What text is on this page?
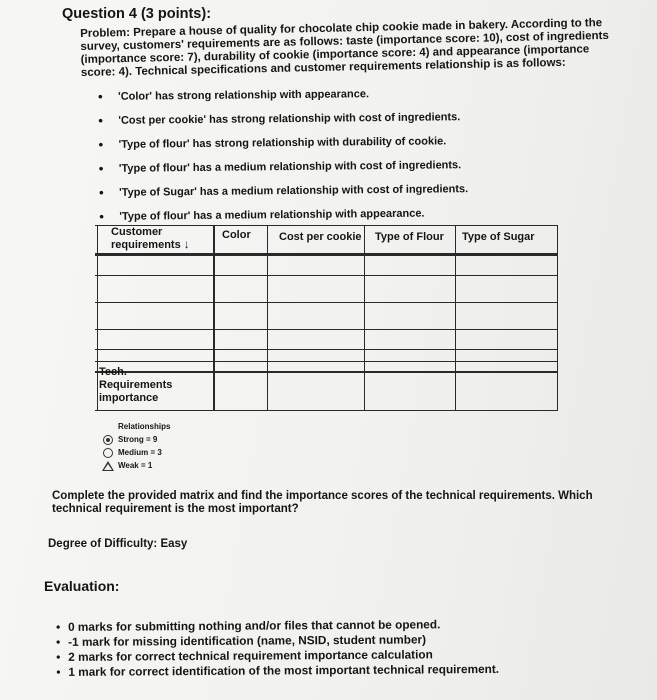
Question 4 (3 points):
Problem: Prepare a house of quality for chocolate chip cookie made in bakery. According to the survey, customers' requirements are as follows: taste (importance score: 10), cost of ingredients (importance score: 7), durability of cookie (importance score: 4) and appearance (importance score: 4). Technical specifications and customer requirements relationship is as follows:
• 'Color' has strong relationship with appearance.
• 'Cost per cookie' has strong relationship with cost of ingredients.
• 'Type of flour' has strong relationship with durability of cookie.
• 'Type of flour' has a medium relationship with cost of ingredients.
• 'Type of Sugar' has a medium relationship with cost of ingredients.
• 'Type of flour' has a medium relationship with appearance.
Customer
requirements ↓
Color	Cost per cookie Type of Flour Type of Sugar
Tech.
Requirements
importance
Relationships
Strong = 9
Medium = 3
Weak = 1
Complete the provided matrix and find the importance scores of the technical requirements. Which technical requirement is the most important?
Degree of Difficulty: Easy
Evaluation:
• 0 marks for submitting nothing and/or files that cannot be opened.
• -1 mark for missing identification (name, NSID, student number)
• 2 marks for correct technical requirement importance calculation
• 1 mark for correct identification of the most important technical requirement.
